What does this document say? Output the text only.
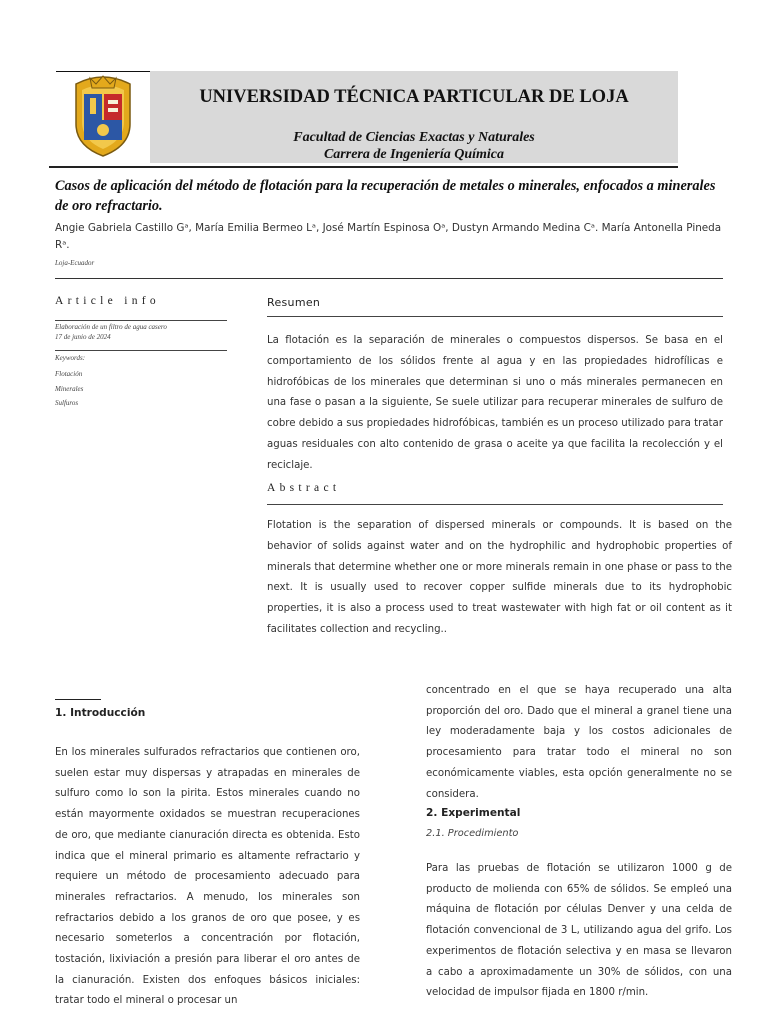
UNIVERSIDAD TÉCNICA PARTICULAR DE LOJA
Facultad de Ciencias Exactas y Naturales
Carrera de Ingeniería Química
Casos de aplicación del método de flotación para la recuperación de metales o minerales, enfocados a minerales de oro refractario.
Angie Gabriela Castillo Gᵃ, María Emilia Bermeo Lᵃ, José Martín Espinosa Oᵃ, Dustyn Armando Medina Cᵃ. María Antonella Pineda Rᵃ.
Loja-Ecuador
Article info
Elaboración de un filtro de agua casero
17 de junio de 2024
Keywords:
Flotación
Minerales
Sulfuros
Resumen
La flotación es la separación de minerales o compuestos dispersos. Se basa en el comportamiento de los sólidos frente al agua y en las propiedades hidrofílicas e hidrofóbicas de los minerales que determinan si uno o más minerales permanecen en una fase o pasan a la siguiente, Se suele utilizar para recuperar minerales de sulfuro de cobre debido a sus propiedades hidrofóbicas, también es un proceso utilizado para tratar aguas residuales con alto contenido de grasa o aceite ya que facilita la recolección y el reciclaje.
Abstract
Flotation is the separation of dispersed minerals or compounds. It is based on the behavior of solids against water and on the hydrophilic and hydrophobic properties of minerals that determine whether one or more minerals remain in one phase or pass to the next. It is usually used to recover copper sulfide minerals due to its hydrophobic properties, it is also a process used to treat wastewater with high fat or oil content as it facilitates collection and recycling..
1. Introducción
En los minerales sulfurados refractarios que contienen oro, suelen estar muy dispersas y atrapadas en minerales de sulfuro como lo son la pirita. Estos minerales cuando no están mayormente oxidados se muestran recuperaciones de oro, que mediante cianuración directa es obtenida. Esto indica que el mineral primario es altamente refractario y requiere un método de procesamiento adecuado para minerales refractarios. A menudo, los minerales son refractarios debido a los granos de oro que posee, y es necesario someterlos a concentración por flotación, tostación, lixiviación a presión para liberar el oro antes de la cianuración. Existen dos enfoques básicos iniciales: tratar todo el mineral o procesar un
concentrado en el que se haya recuperado una alta proporción del oro. Dado que el mineral a granel tiene una ley moderadamente baja y los costos adicionales de procesamiento para tratar todo el mineral no son económicamente viables, esta opción generalmente no se considera.
2. Experimental
2.1. Procedimiento
Para las pruebas de flotación se utilizaron 1000 g de producto de molienda con 65% de sólidos. Se empleó una máquina de flotación por células Denver y una celda de flotación convencional de 3 L, utilizando agua del grifo. Los experimentos de flotación selectiva y en masa se llevaron a cabo a aproximadamente un 30% de sólidos, con una velocidad de impulsor fijada en 1800 r/min.
